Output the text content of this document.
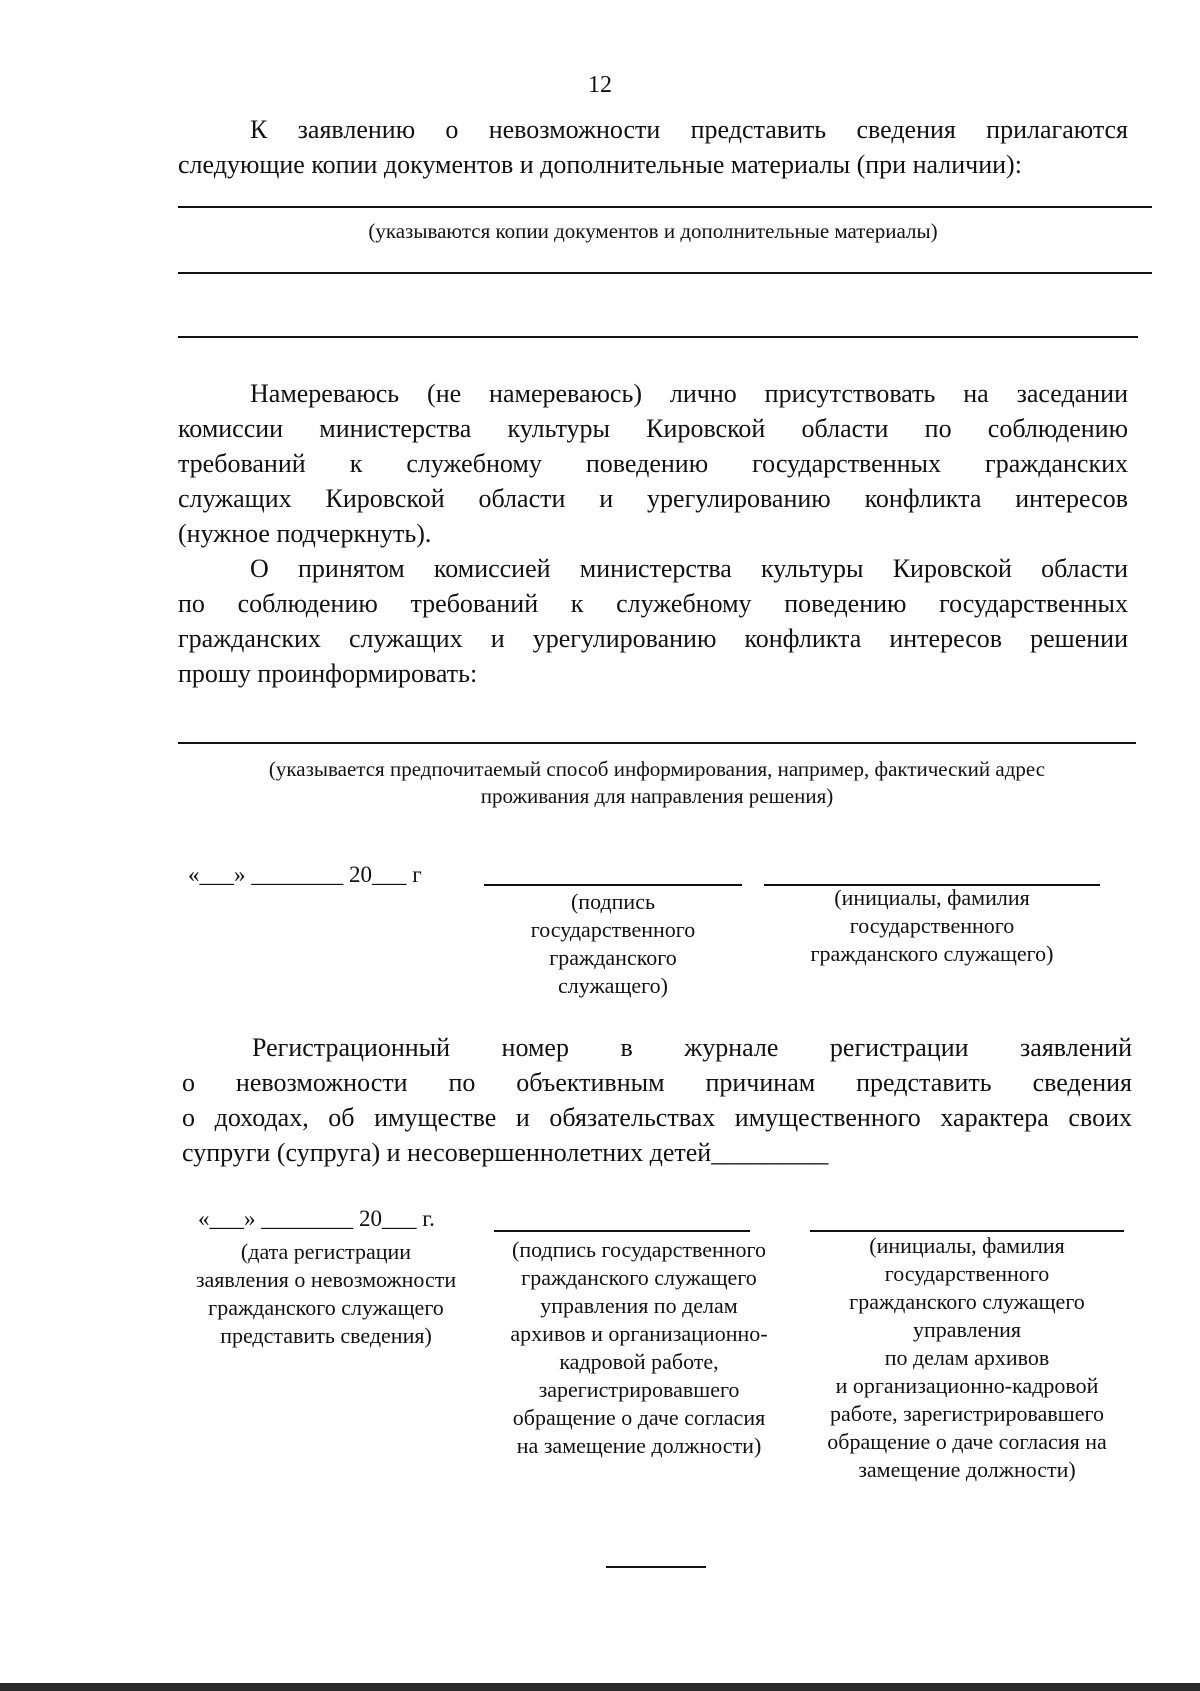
12
К заявлению о невозможности представить сведения прилагаются
следующие копии документов и дополнительные материалы (при наличии):
(указываются копии документов и дополнительные материалы)
Намереваюсь (не намереваюсь) лично присутствовать на заседании
комиссии министерства культуры Кировской области по соблюдению
требований к служебному поведению государственных гражданских
служащих Кировской области и урегулированию конфликта интересов
(нужное подчеркнуть).
О принятом комиссией министерства культуры Кировской области
по соблюдению требований к служебному поведению государственных
гражданских служащих и урегулированию конфликта интересов решении
прошу проинформировать:
(указывается предпочитаемый способ информирования, например, фактический адрес
проживания для направления решения)
«___» ________ 20___ г
(подпись
государственного
гражданского
служащего)
(инициалы, фамилия
государственного
гражданского служащего)
Регистрационный номер в журнале регистрации заявлений
о невозможности по объективным причинам представить сведения
о доходах, об имуществе и обязательствах имущественного характера своих
супруги (супруга) и несовершеннолетних детей_________
«___» ________ 20___ г.
(дата регистрации
заявления о невозможности
гражданского служащего
представить сведения)
(подпись государственного
гражданского служащего
управления по делам
архивов и организационно-
кадровой работе,
зарегистрировавшего
обращение о даче согласия
на замещение должности)
(инициалы, фамилия
государственного
гражданского служащего
управления
по делам архивов
и организационно-кадровой
работе, зарегистрировавшего
обращение о даче согласия на
замещение должности)
